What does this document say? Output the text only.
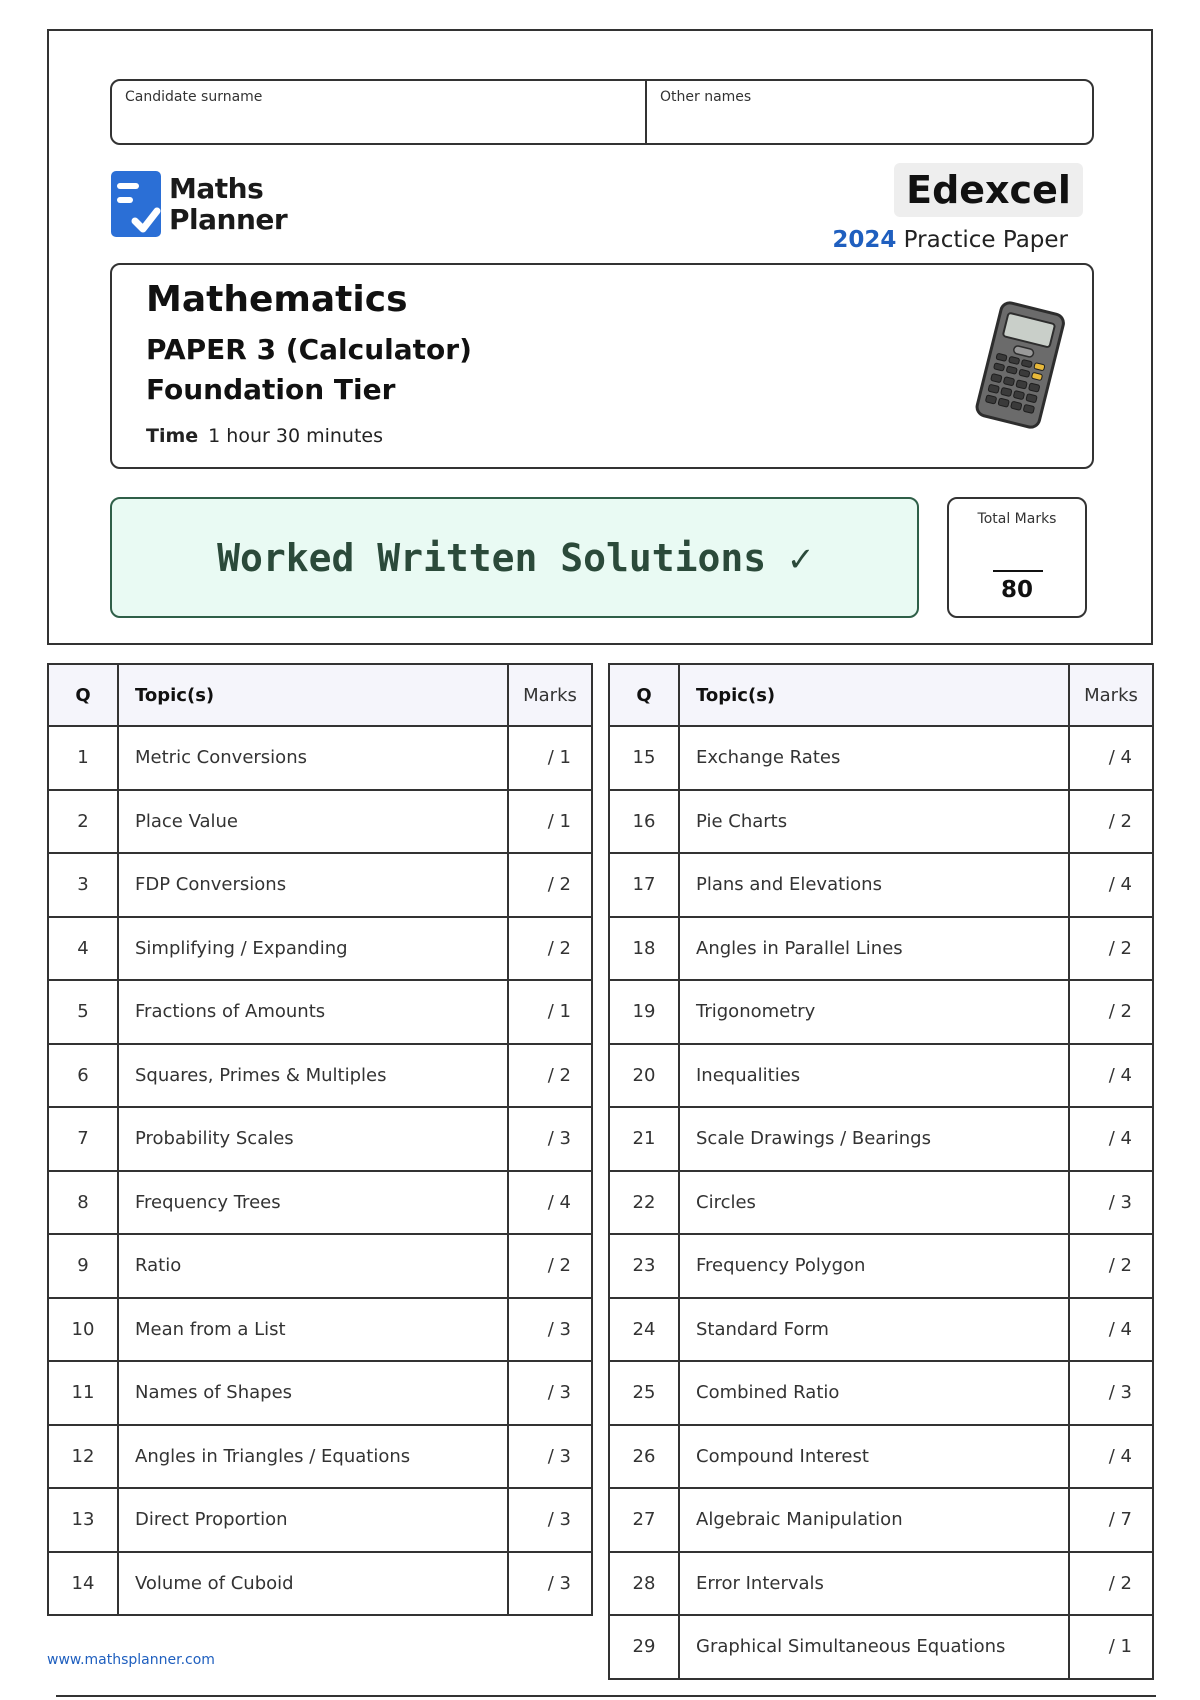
Candidate surname	Other names
Maths
Planner
Edexcel
2024 Practice Paper
Mathematics
PAPER 3 (Calculator)
Foundation Tier
Time 1 hour 30 minutes
Worked Written Solutions ✓
Total Marks
80
Q	Topic(s)	Marks
1	Metric Conversions	/ 1
2	Place Value	/ 1
3	FDP Conversions	/ 2
4	Simplifying / Expanding	/ 2
5	Fractions of Amounts	/ 1
6	Squares, Primes & Multiples	/ 2
7	Probability Scales	/ 3
8	Frequency Trees	/ 4
9	Ratio	/ 2
10	Mean from a List	/ 3
11	Names of Shapes	/ 3
12	Angles in Triangles / Equations	/ 3
13	Direct Proportion	/ 3
14	Volume of Cuboid	/ 3
Q	Topic(s)	Marks
15	Exchange Rates	/ 4
16	Pie Charts	/ 2
17	Plans and Elevations	/ 4
18	Angles in Parallel Lines	/ 2
19	Trigonometry	/ 2
20	Inequalities	/ 4
21	Scale Drawings / Bearings	/ 4
22	Circles	/ 3
23	Frequency Polygon	/ 2
24	Standard Form	/ 4
25	Combined Ratio	/ 3
26	Compound Interest	/ 4
27	Algebraic Manipulation	/ 7
28	Error Intervals	/ 2
29	Graphical Simultaneous Equations	/ 1
www.mathsplanner.com
